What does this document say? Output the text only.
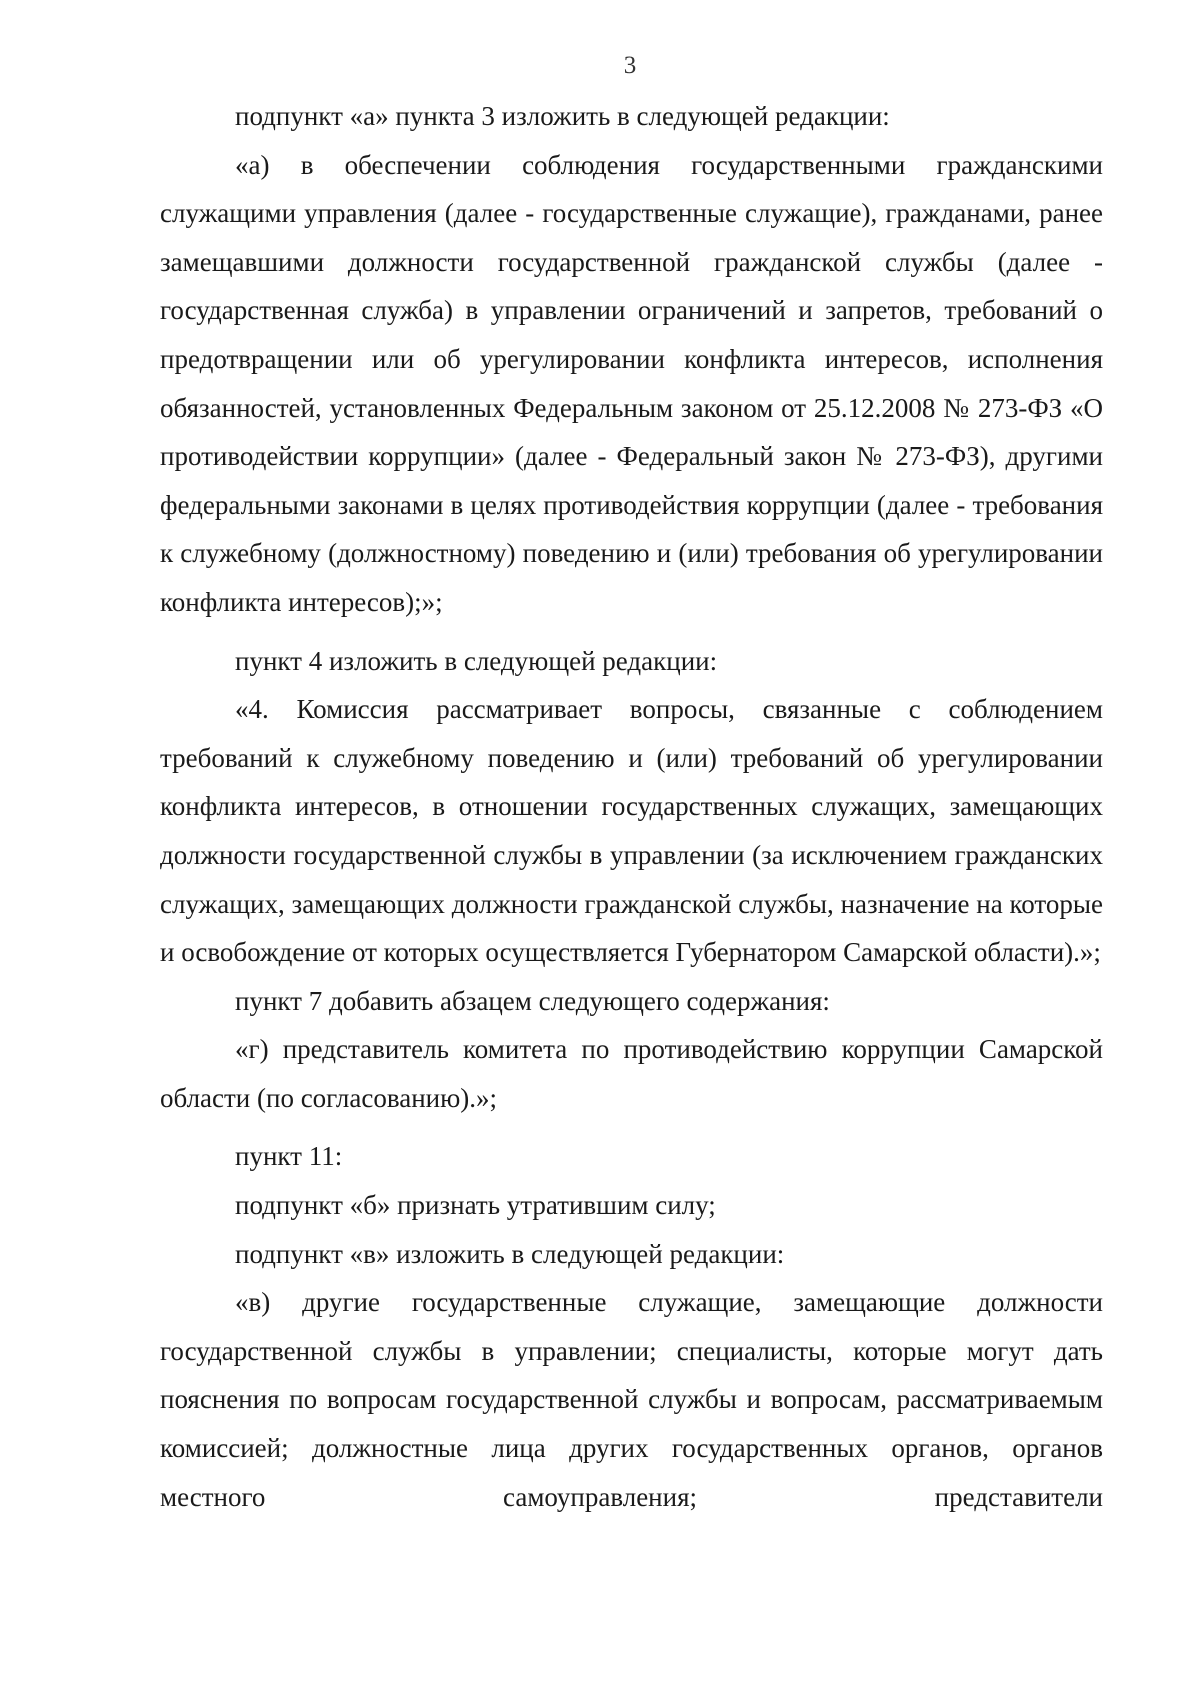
3

подпункт «а» пункта 3 изложить в следующей редакции:

«а) в обеспечении соблюдения государственными гражданскими служащими управления (далее - государственные служащие), гражданами, ранее замещавшими должности государственной гражданской службы (далее - государственная служба) в управлении ограничений и запретов, требований о предотвращении или об урегулировании конфликта интересов, исполнения обязанностей, установленных Федеральным законом от 25.12.2008 № 273-ФЗ «О противодействии коррупции» (далее - Федеральный закон № 273-ФЗ), другими федеральными законами в целях противодействия коррупции (далее - требования к служебному (должностному) поведению и (или) требования об урегулировании конфликта интересов);»;

пункт 4 изложить в следующей редакции:

«4. Комиссия рассматривает вопросы, связанные с соблюдением требований к служебному поведению и (или) требований об урегулировании конфликта интересов, в отношении государственных служащих, замещающих должности государственной службы в управлении (за исключением гражданских служащих, замещающих должности гражданской службы, назначение на которые и освобождение от которых осуществляется Губернатором Самарской области).»;

пункт 7 добавить абзацем следующего содержания:

«г) представитель комитета по противодействию коррупции Самарской области (по согласованию).»;

пункт 11:

подпункт «б» признать утратившим силу;

подпункт «в» изложить в следующей редакции:

«в) другие государственные служащие, замещающие должности государственной службы в управлении; специалисты, которые могут дать пояснения по вопросам государственной службы и вопросам, рассматриваемым комиссией; должностные лица других государственных органов, органов местного самоуправления; представители
